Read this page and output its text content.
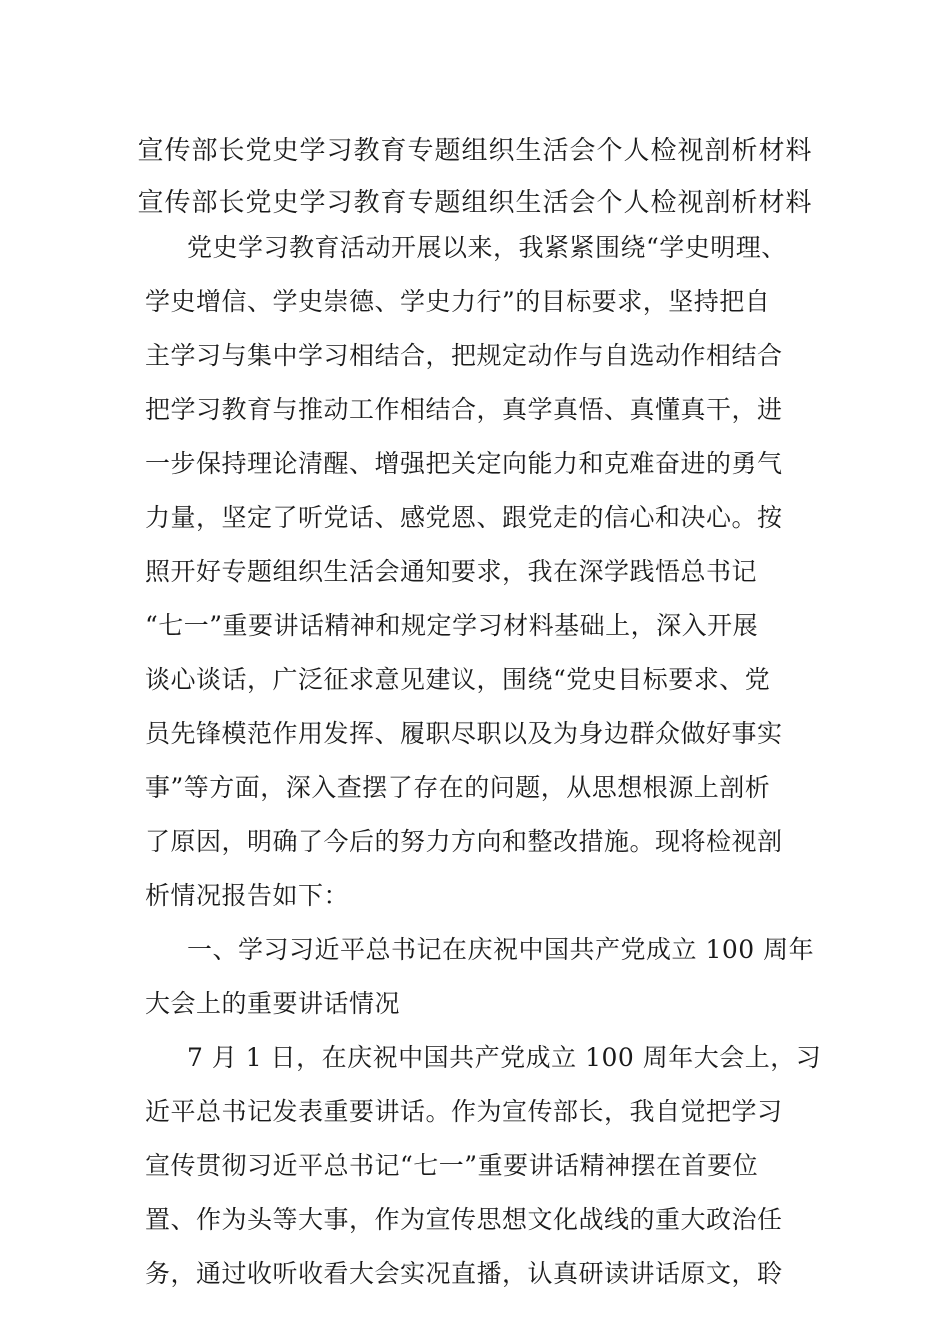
宣传部长党史学习教育专题组织生活会个人检视剖析材料
宣传部长党史学习教育专题组织生活会个人检视剖析材料
党史学习教育活动开展以来，我紧紧围绕“学史明理、
学史增信、学史崇德、学史力行”的目标要求，坚持把自
主学习与集中学习相结合，把规定动作与自选动作相结合
把学习教育与推动工作相结合，真学真悟、真懂真干，进
一步保持理论清醒、增强把关定向能力和克难奋进的勇气
力量，坚定了听党话、感党恩、跟党走的信心和决心。按
照开好专题组织生活会通知要求，我在深学践悟总书记
“七一”重要讲话精神和规定学习材料基础上，深入开展
谈心谈话，广泛征求意见建议，围绕“党史目标要求、党
员先锋模范作用发挥、履职尽职以及为身边群众做好事实
事”等方面，深入查摆了存在的问题，从思想根源上剖析
了原因，明确了今后的努力方向和整改措施。现将检视剖
析情况报告如下：
一、学习习近平总书记在庆祝中国共产党成立 100 周年
大会上的重要讲话情况
7 月 1 日，在庆祝中国共产党成立 100 周年大会上，习
近平总书记发表重要讲话。作为宣传部长，我自觉把学习
宣传贯彻习近平总书记“七一”重要讲话精神摆在首要位
置、作为头等大事，作为宣传思想文化战线的重大政治任
务，通过收听收看大会实况直播，认真研读讲话原文，聆
